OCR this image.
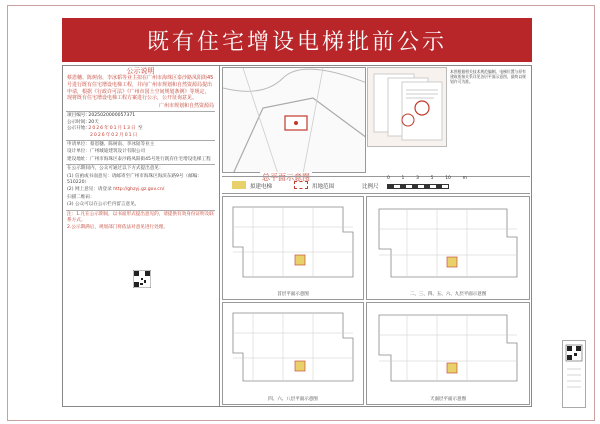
既有住宅增设电梯批前公示
公示说明
蔡恩穗、陈树南、李冰韬等业主拟在广州市海珠区泰沙路凤阳街45号进行既有住宅增设电梯工程，并向广州市规划和自然资源局提出申请，根据《行政许可法》《广州市国土空间规划条例》等规定，现将既有住宅增设电梯工程方案进行公示，公开征询意见。
广州市规划和自然资源局
项目编号: 2025020000057371
公示时间: 20天
公示开始: 2026年01月13日 至
2026年02月01日

申请单位：蔡恩穗、陈树南、李冰韬等业主

设计单位：广州城迪建筑设计有限公司

建设地址：广州市海珠区泰沙路凤阳街45号进行既有住宅增设电梯工程

在公示期间内，公众可通过以下方式提出意见：

(1) 信函或书面意见：请邮寄至广州市海珠区海滨东路9号（邮编：510220）

(2) 网上意见：请登录 http://ghzyj.gz.gov.cn/

扫描二维码：

(3) 公众可以在公示栏内留言意见。

注：1.凡在公示期间，以书面形式提出意见的，请提供有效身份证明及联系方式。

2.公示期满后，规划部门将依法对意见进行处理。

本图根据相关技术规范编制。电梯位置与原有建筑衔接关系详见各层平面示意图，最终以规划许可为准。
总平面示意图
拟建电梯	用地范围	比例尺
0	1	3	5	10	m
首层平面示意图	二、三、四、五、六、九层平面示意图
四、六、八层平面示意图	天面层平面示意图
